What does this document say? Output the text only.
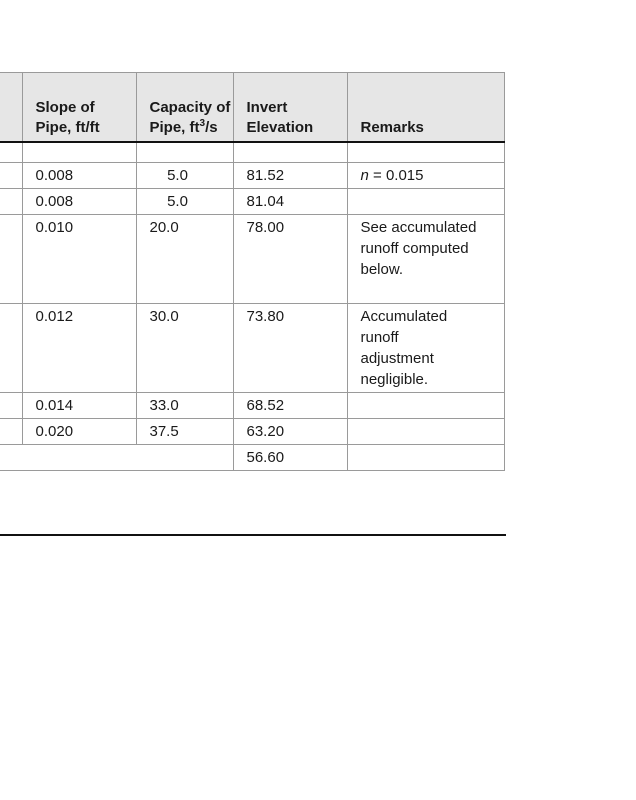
	Slope of Pipe, ft/ft	Capacity of Pipe, $ft^3/s$	Invert Elevation	Remarks

	0.008	5.0	81.52	n = 0.015
	0.008	5.0	81.04	
	0.010	20.0	78.00	See accumulated runoff computed below.
	0.012	30.0	73.80	Accumulated runoff adjustment negligible.
	0.014	33.0	68.52	
	0.020	37.5	63.20	
			56.60	
